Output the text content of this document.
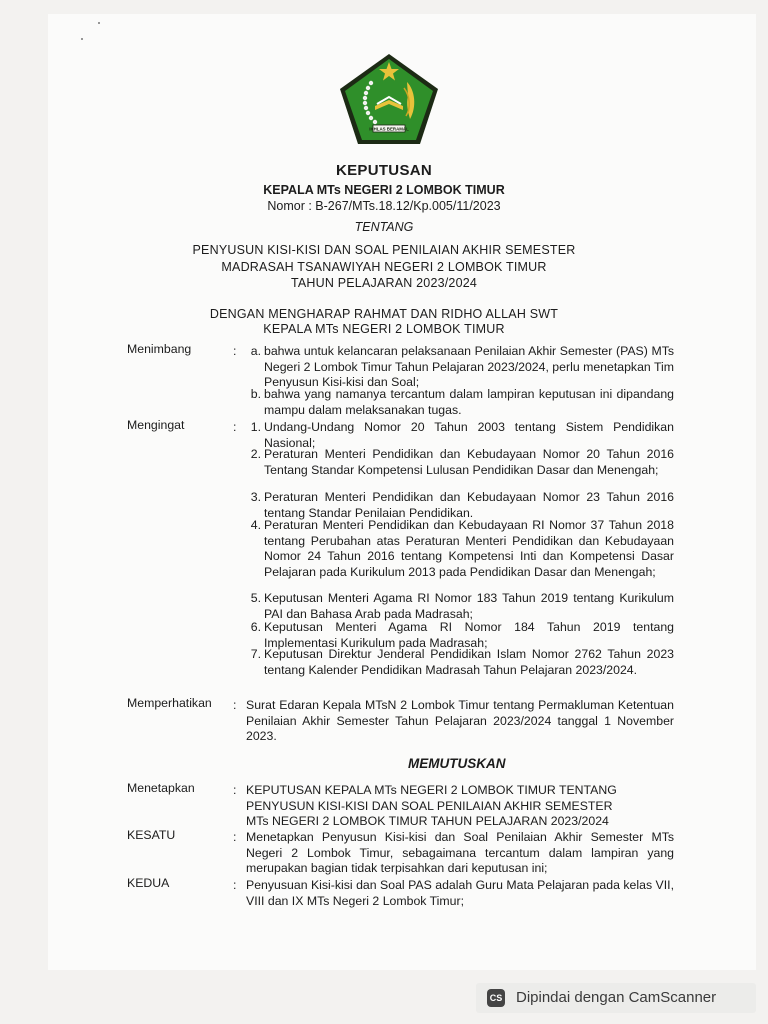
IKHLAS BERAMAL
KEPUTUSAN
KEPALA MTs NEGERI 2 LOMBOK TIMUR
Nomor : B-267/MTs.18.12/Kp.005/11/2023
TENTANG
PENYUSUN KISI-KISI DAN SOAL PENILAIAN AKHIR SEMESTER
MADRASAH TSANAWIYAH NEGERI 2 LOMBOK TIMUR
TAHUN PELAJARAN 2023/2024
DENGAN MENGHARAP RAHMAT DAN RIDHO ALLAH SWT
KEPALA MTs NEGERI 2 LOMBOK TIMUR
Menimbang	:	a. bahwa untuk kelancaran pelaksanaan Penilaian Akhir Semester (PAS) MTs Negeri 2 Lombok Timur Tahun Pelajaran 2023/2024, perlu menetapkan Tim Penyusun Kisi-kisi dan Soal;
b. bahwa yang namanya tercantum dalam lampiran keputusan ini dipandang mampu dalam melaksanakan tugas.
Mengingat	:	1. Undang-Undang Nomor 20 Tahun 2003 tentang Sistem Pendidikan Nasional;
2. Peraturan Menteri Pendidikan dan Kebudayaan Nomor 20 Tahun 2016 Tentang Standar Kompetensi Lulusan Pendidikan Dasar dan Menengah;
3. Peraturan Menteri Pendidikan dan Kebudayaan Nomor 23 Tahun 2016 tentang Standar Penilaian Pendidikan.
4. Peraturan Menteri Pendidikan dan Kebudayaan RI Nomor 37 Tahun 2018 tentang Perubahan atas Peraturan Menteri Pendidikan dan Kebudayaan Nomor 24 Tahun 2016 tentang Kompetensi Inti dan Kompetensi Dasar Pelajaran pada Kurikulum 2013 pada Pendidikan Dasar dan Menengah;
5. Keputusan Menteri Agama RI Nomor 183 Tahun 2019 tentang Kurikulum PAI dan Bahasa Arab pada Madrasah;
6. Keputusan Menteri Agama RI Nomor 184 Tahun 2019 tentang Implementasi Kurikulum pada Madrasah;
7. Keputusan Direktur Jenderal Pendidikan Islam Nomor 2762 Tahun 2023 tentang Kalender Pendidikan Madrasah Tahun Pelajaran 2023/2024.
Memperhatikan : Surat Edaran Kepala MTsN 2 Lombok Timur tentang Permakluman Ketentuan Penilaian Akhir Semester Tahun Pelajaran 2023/2024 tanggal 1 November 2023.
MEMUTUSKAN
Menetapkan	: KEPUTUSAN KEPALA MTs NEGERI 2 LOMBOK TIMUR TENTANG
PENYUSUN KISI-KISI DAN SOAL PENILAIAN AKHIR SEMESTER
MTs NEGERI 2 LOMBOK TIMUR TAHUN PELAJARAN 2023/2024
KESATU	: Menetapkan Penyusun Kisi-kisi dan Soal Penilaian Akhir Semester MTs Negeri 2 Lombok Timur, sebagaimana tercantum dalam lampiran yang merupakan bagian tidak terpisahkan dari keputusan ini;
KEDUA	: Penyusuan Kisi-kisi dan Soal PAS adalah Guru Mata Pelajaran pada kelas VII, VIII dan IX MTs Negeri 2 Lombok Timur;
CS Dipindai dengan CamScanner
